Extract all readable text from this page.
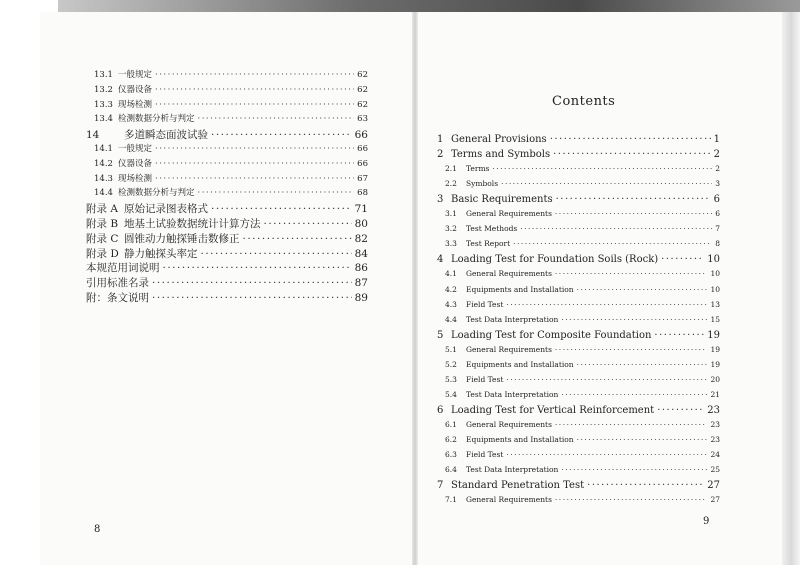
13.1 一般规定 ·····	62
13.2 仪器设备 ·····	62
13.3 现场检测 ·····	62
13.4 检测数据分析与判定 ·····	63
14	多道瞬态面波试验 ·····	66
14.1 一般规定 ·····	66
14.2 仪器设备 ·····	66
14.3 现场检测 ·····	67
14.4 检测数据分析与判定 ·····	68
附录 A 原始记录图表格式 ·····	71
附录 B 地基土试验数据统计计算方法 ·····	80
附录 C 圆锥动力触探锤击数修正 ·····	82
附录 D 静力触探头率定 ·····	84
本规范用词说明 ·····	86
引用标准名录 ·····	87
附：条文说明 ·····	89
Contents
1 General Provisions ·····	1
2 Terms and Symbols ·····	2
2.1	Terms ·····	2
2.2	Symbols ·····	3
3 Basic Requirements ·····	6
3.1	General Requirements ·····	6
3.2	Test Methods ·····	7
3.3	Test Report ·····	8
4 Loading Test for Foundation Soils (Rock) ·····	10
4.1	General Requirements ·····	10
4.2	Equipments and Installation ·····	10
4.3	Field Test ·····	13
4.4	Test Data Interpretation ·····	15
5 Loading Test for Composite Foundation ·····	19
5.1	General Requirements ·····	19
5.2	Equipments and Installation ·····	19
5.3	Field Test ·····	20
5.4	Test Data Interpretation ·····	21
6 Loading Test for Vertical Reinforcement ·····	23
6.1	General Requirements ·····	23
6.2	Equipments and Installation ·····	23
6.3	Field Test ·····	24
6.4	Test Data Interpretation ·····	25
7 Standard Penetration Test ·····	27
7.1	General Requirements ·····	27
8
9
